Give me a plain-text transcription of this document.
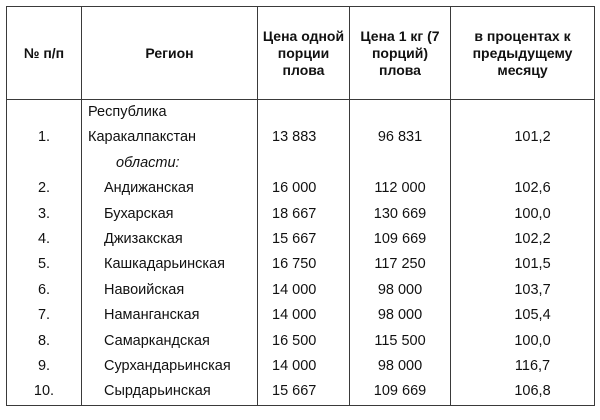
№ п/п	Регион	Цена одной порции плова	Цена 1 кг (7 порций) плова	в процентах к предыдущему месяцу
	Республика			
1.	Каракалпакстан	13 883	96 831	101,2
	области:			
2.	Андижанская	16 000	112 000	102,6
3.	Бухарская	18 667	130 669	100,0
4.	Джизакская	15 667	109 669	102,2
5.	Кашкадарьинская	16 750	117 250	101,5
6.	Навоийская	14 000	98 000	103,7
7.	Наманганская	14 000	98 000	105,4
8.	Самаркандская	16 500	115 500	100,0
9.	Сурхандарьинская	14 000	98 000	116,7
10.	Сырдарьинская	15 667	109 669	106,8
